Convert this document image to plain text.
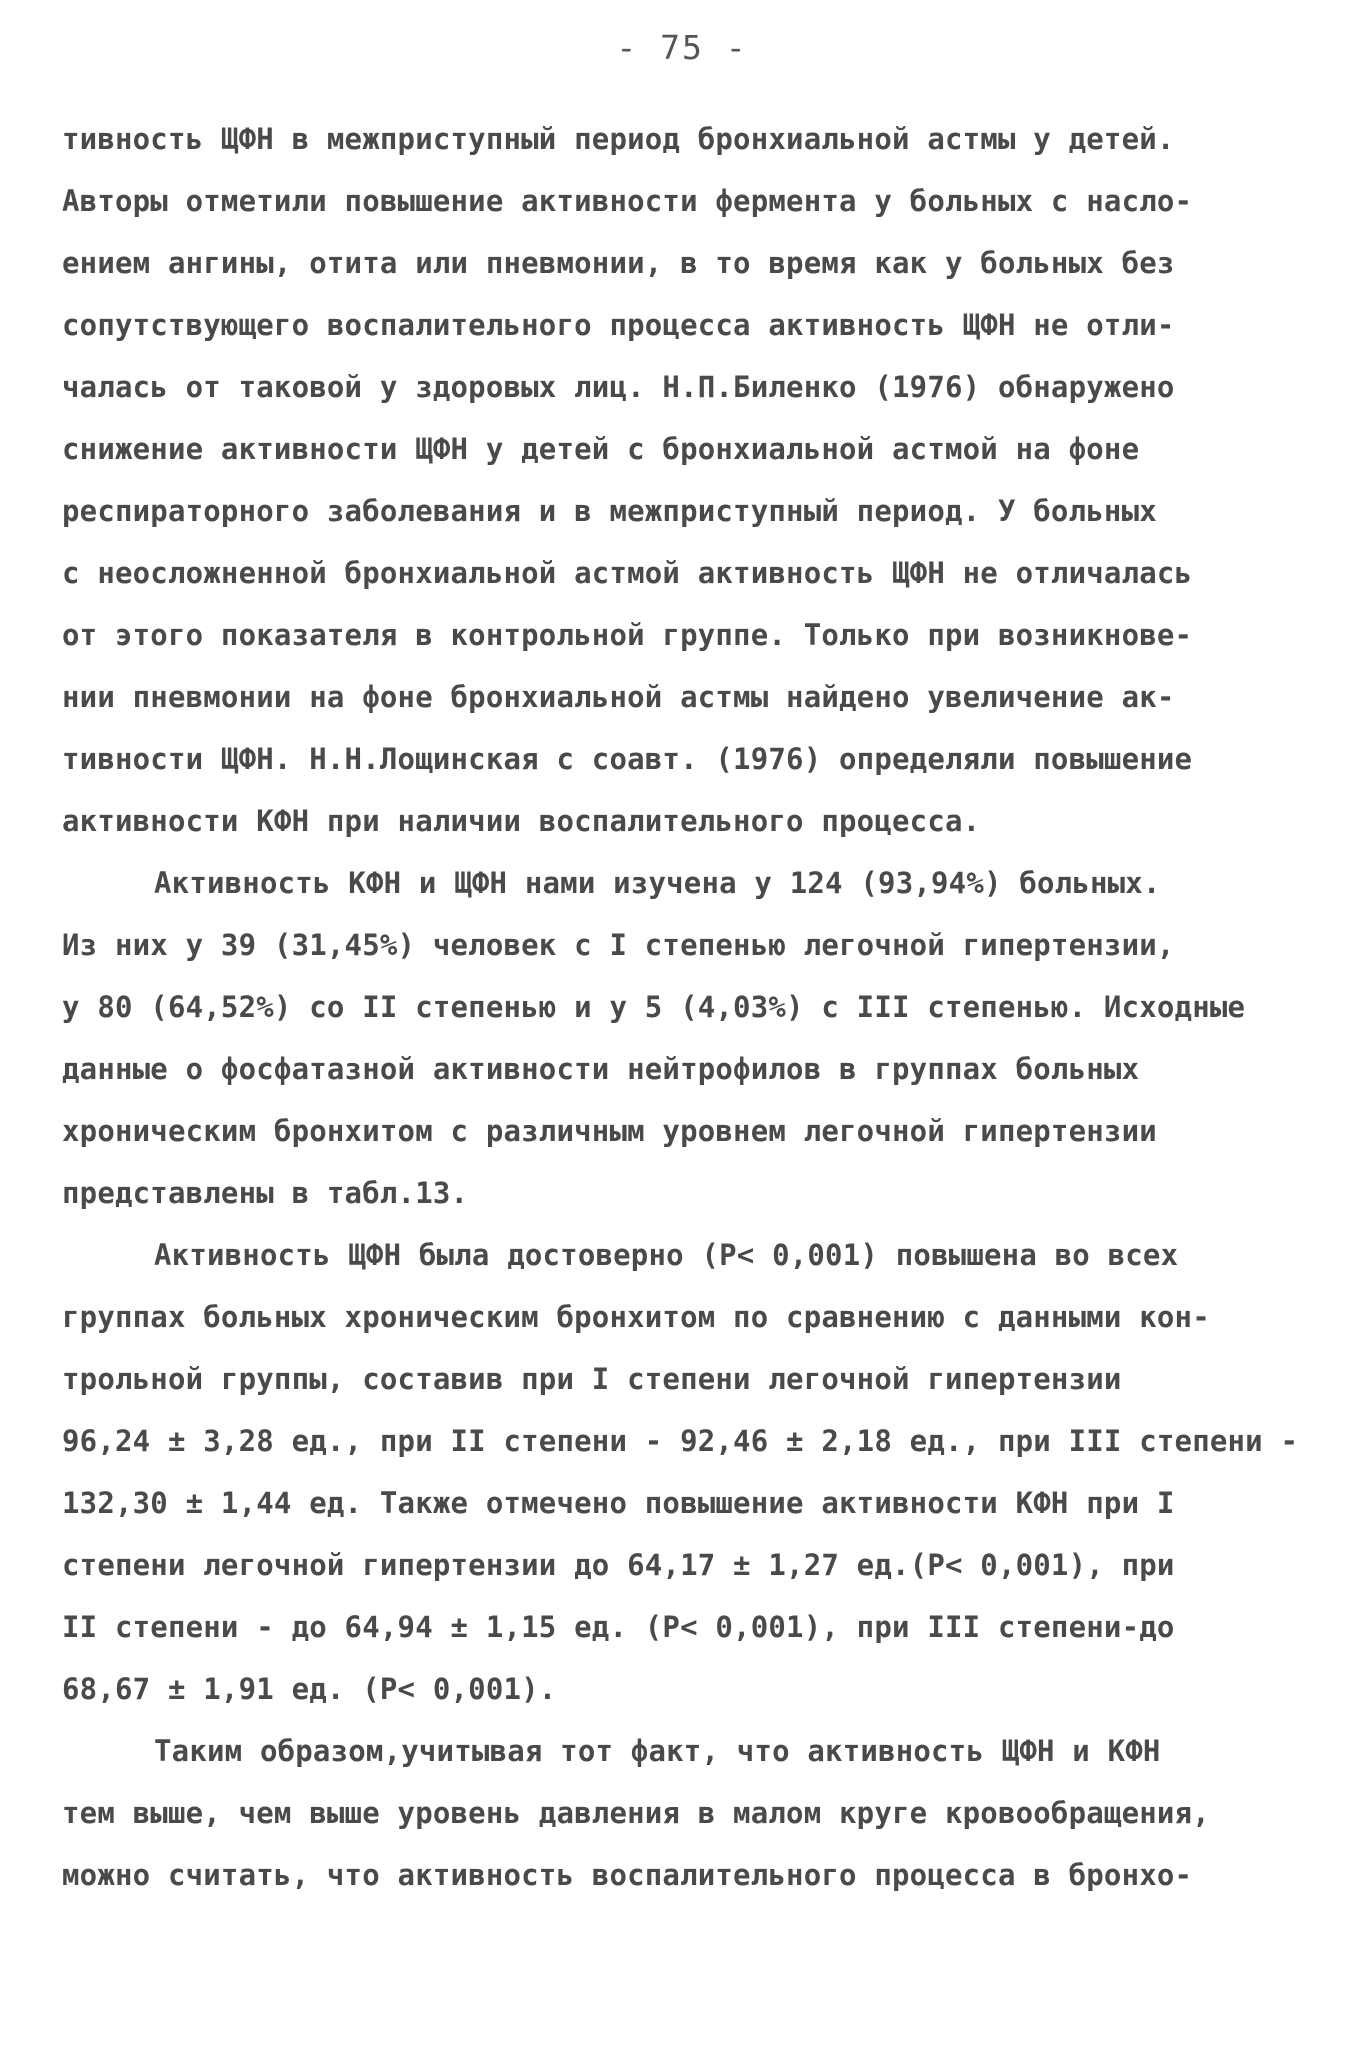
- 75 -
тивность ЩФН в межприступный период бронхиальной астмы у детей.
Авторы отметили повышение активности фермента у больных с насло-
ением ангины, отита или пневмонии, в то время как у больных без
сопутствующего воспалительного процесса активность ЩФН не отли-
чалась от таковой у здоровых лиц. Н.П.Биленко (1976) обнаружено
снижение активности ЩФН у детей с бронхиальной астмой на фоне
респираторного заболевания и в межприступный период. У больных
с неосложненной бронхиальной астмой активность ЩФН не отличалась
от этого показателя в контрольной группе. Только при возникнове-
нии пневмонии на фоне бронхиальной астмы найдено увеличение ак-
тивности ЩФН. Н.Н.Лощинская с соавт. (1976) определяли повышение
активности КФН при наличии воспалительного процесса.
Активность КФН и ЩФН нами изучена у 124 (93,94%) больных.
Из них у 39 (31,45%) человек с I степенью легочной гипертензии,
у 80 (64,52%) со II степенью и у 5 (4,03%) с III степенью. Исходные
данные о фосфатазной активности нейтрофилов в группах больных
хроническим бронхитом с различным уровнем легочной гипертензии
представлены в табл.13.
Активность ЩФН была достоверно (P< 0,001) повышена во всех
группах больных хроническим бронхитом по сравнению с данными кон-
трольной группы, составив при I степени легочной гипертензии
96,24 ± 3,28 ед., при II степени - 92,46 ± 2,18 ед., при III степени -
132,30 ± 1,44 ед. Также отмечено повышение активности КФН при I
степени легочной гипертензии до 64,17 ± 1,27 ед.(P< 0,001), при
II степени - до 64,94 ± 1,15 ед. (P< 0,001), при III степени-до
68,67 ± 1,91 ед. (P< 0,001).
Таким образом,учитывая тот факт, что активность ЩФН и КФН
тем выше, чем выше уровень давления в малом круге кровообращения,
можно считать, что активность воспалительного процесса в бронхо-
